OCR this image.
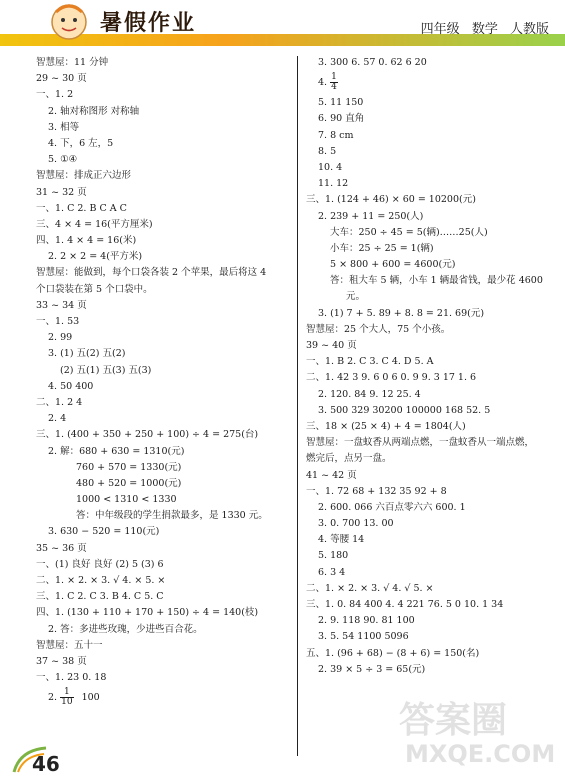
暑假作业	四年级 数学 人教版
智慧屋：11 分钟
29 ~ 30 页
一、1. 2
2. 轴对称图形 对称轴
3. 相等
4. 下，6 左，5
5. ①④
智慧屋：排成正六边形
31 ~ 32 页
一、1. C 2. B C A C
三、4 × 4 = 16(平方厘米)
四、1. 4 × 4 = 16(米)
2. 2 × 2 = 4(平方米)
智慧屋：能做到，每个口袋各装 2 个苹果，最后将这 4
个口袋装在第 5 个口袋中。
33 ~ 34 页
一、1. 53
2. 99
3. (1) 五(2) 五(2)
(2) 五(1) 五(3) 五(3)
4. 50 400
二、1. 2 4
2. 4
三、1. (400 + 350 + 250 + 100) ÷ 4 = 275(台)
2. 解：680 + 630 = 1310(元)
760 + 570 = 1330(元)
480 + 520 = 1000(元)
1000 < 1310 < 1330
答：中年级段的学生捐款最多，是 1330 元。
3. 630 − 520 = 110(元)
35 ~ 36 页
一、(1) 良好 良好 (2) 5 (3) 6
二、1. × 2. × 3. √ 4. × 5. ×
三、1. C 2. C 3. B 4. C 5. C
四、1. (130 + 110 + 170 + 150) ÷ 4 = 140(枝)
2. 答：多进些玫瑰，少进些百合花。
智慧屋：五十一
37 ~ 38 页
一、1. 23 0. 18
2. $\frac{1}{10} 100$
3. 300 6. 57 0. 62 6 20
4. $\frac{1}{4}$
5. 11 150
6. 90 直角
7. 8 cm
8. 5
10. 4
11. 12
三、1. (124 + 46) × 60 = 10200(元)
2. 239 + 11 = 250(人)
大车：250 ÷ 45 = 5(辆)……25(人)
小车：25 ÷ 25 = 1(辆)
5 × 800 + 600 = 4600(元)
答：租大车 5 辆，小车 1 辆最省钱，最少花 4600
元。
3. (1) 7 + 5. 89 + 8. 8 = 21. 69(元)
智慧屋：25 个大人，75 个小孩。
39 ~ 40 页
一、1. B 2. C 3. C 4. D 5. A
二、1. 42 3 9. 6 0 6 0. 9 9. 3 17 1. 6
2. 120. 84 9. 12 25. 4
3. 500 329 30200 100000 168 52. 5
三、18 × (25 × 4) + 4 = 1804(人)
智慧屋：一盘蚊香从两端点燃，一盘蚊香从一端点燃，
燃完后，点另一盘。
41 ~ 42 页
一、1. 72 68 + 132 35 92 + 8
2. 600. 066 六百点零六六 600. 1
3. 0. 700 13. 00
4. 等腰 14
5. 180
6. 3 4
二、1. × 2. × 3. √ 4. √ 5. ×
三、1. 0. 84 400 4. 4 221 76. 5 0 10. 1 34
2. 9. 118 90. 81 100
3. 5. 54 1100 5096
五、1. (96 + 68) − (8 + 6) = 150(名)
2. 39 × 5 ÷ 3 = 65(元)
46
答案圈
MXQE.COM
